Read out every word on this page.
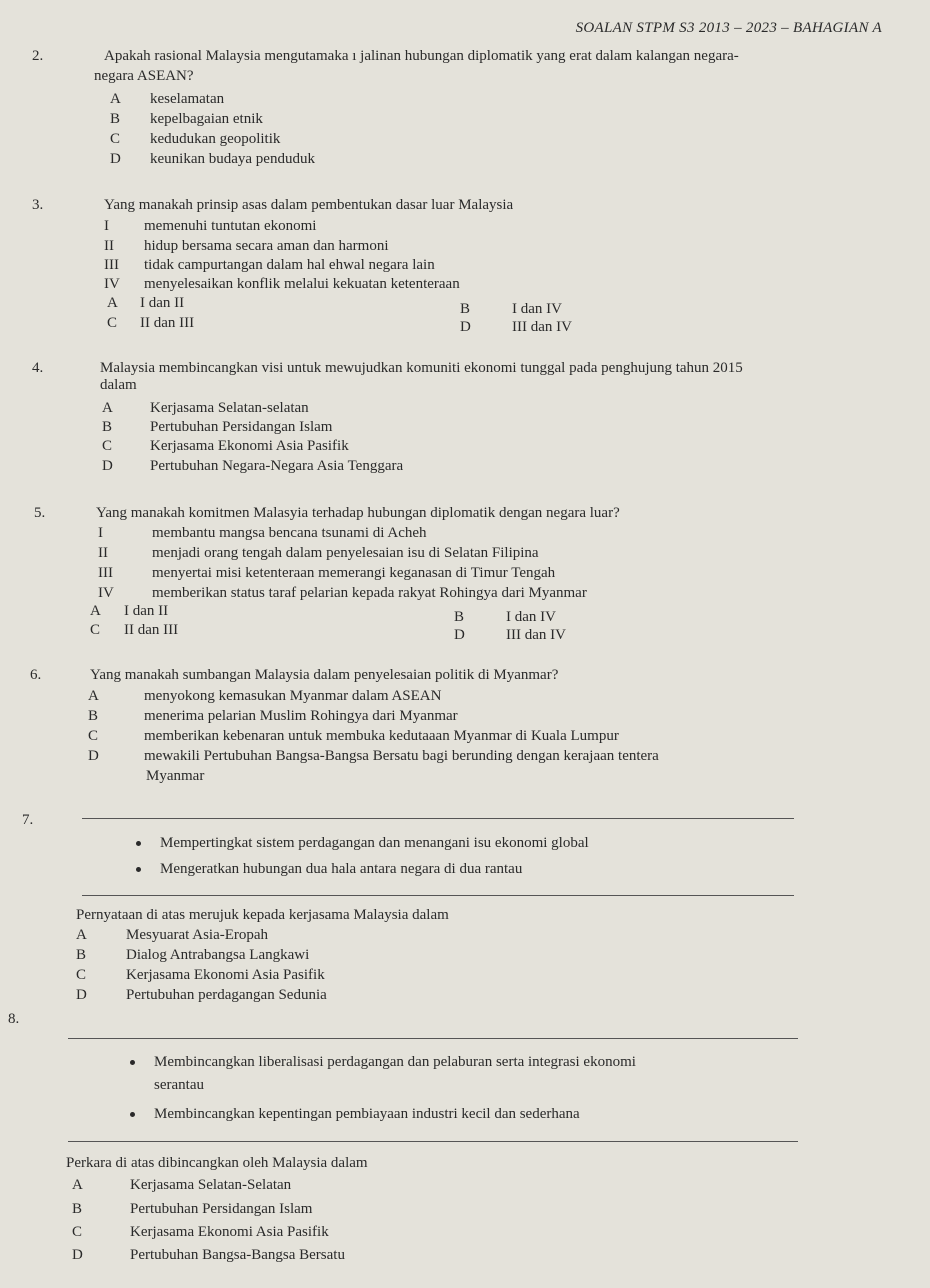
SOALAN STPM S3 2013 – 2023 – BAHAGIAN A
2.	Apakah rasional Malaysia mengutamaka ı jalinan hubungan diplomatik yang erat dalam kalangan negara-
negara ASEAN?
A keselamatan
B kepelbagaian etnik
C kedudukan geopolitik
D keunikan budaya penduduk
3.	Yang manakah prinsip asas dalam pembentukan dasar luar Malaysia
I memenuhi tuntutan ekonomi
II hidup bersama secara aman dan harmoni
III tidak campurtangan dalam hal ehwal negara lain
IV menyelesaikan konflik melalui kekuatan ketenteraan
A I dan II	B	I dan IV
C II dan III	D	III dan IV
4.	Malaysia membincangkan visi untuk mewujudkan komuniti ekonomi tunggal pada penghujung tahun 2015
dalam
A Kerjasama Selatan-selatan
B	Pertubuhan Persidangan Islam
C	Kerjasama Ekonomi Asia Pasifik
D Pertubuhan Negara-Negara Asia Tenggara
5.	Yang manakah komitmen Malasyia terhadap hubungan diplomatik dengan negara luar?
I	membantu mangsa bencana tsunami di Acheh
II	menjadi orang tengah dalam penyelesaian isu di Selatan Filipina
III	menyertai misi ketenteraan memerangi keganasan di Timur Tengah
IV	memberikan status taraf pelarian kepada rakyat Rohingya dari Myanmar
A I dan II	B	I dan IV
C II dan III	D	III dan IV
6.	Yang manakah sumbangan Malaysia dalam penyelesaian politik di Myanmar?
A	menyokong kemasukan Myanmar dalam ASEAN
B	menerima pelarian Muslim Rohingya dari Myanmar
C	memberikan kebenaran untuk membuka kedutaaan Myanmar di Kuala Lumpur
D	mewakili Pertubuhan Bangsa-Bangsa Bersatu bagi berunding dengan kerajaan tentera
Myanmar
7.
Mempertingkat sistem perdagangan dan menangani isu ekonomi global
Mengeratkan hubungan dua hala antara negara di dua rantau
Pernyataan di atas merujuk kepada kerjasama Malaysia dalam
A	Mesyuarat Asia-Eropah
B	Dialog Antrabangsa Langkawi
C	Kerjasama Ekonomi Asia Pasifik
D	Pertubuhan perdagangan Sedunia
8.
Membincangkan liberalisasi perdagangan dan pelaburan serta integrasi ekonomi
serantau
Membincangkan kepentingan pembiayaan industri kecil dan sederhana
Perkara di atas dibincangkan oleh Malaysia dalam
A	Kerjasama Selatan-Selatan
B	Pertubuhan Persidangan Islam
C	Kerjasama Ekonomi Asia Pasifik
D	Pertubuhan Bangsa-Bangsa Bersatu
